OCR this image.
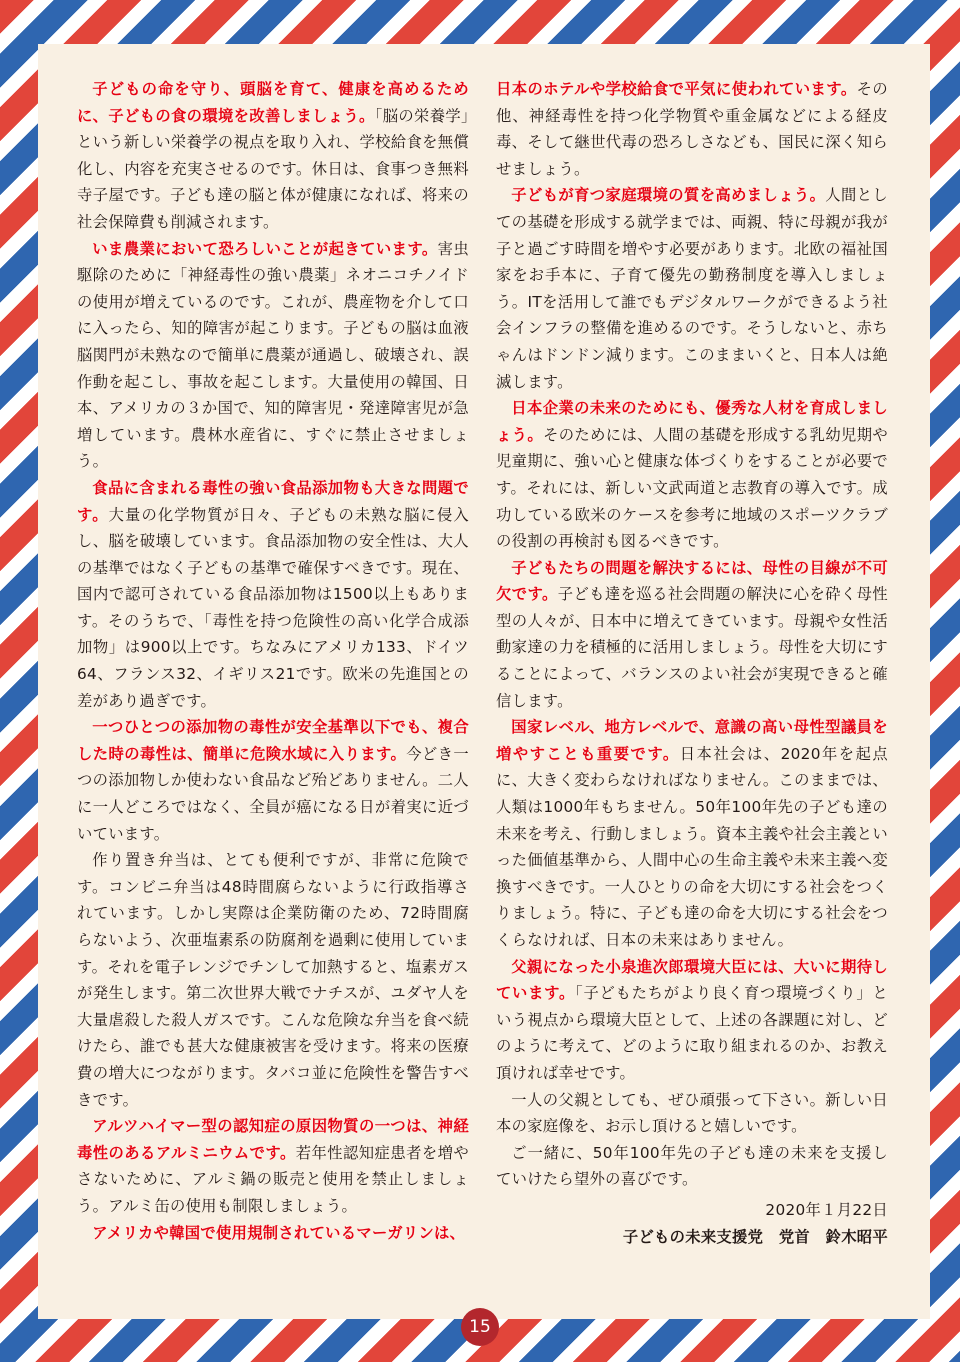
子どもの命を守り、頭脳を育て、健康を高めるために、子どもの食の環境を改善しましょう。「脳の栄養学」という新しい栄養学の視点を取り入れ、学校給食を無償化し、内容を充実させるのです。休日は、食事つき無料寺子屋です。子ども達の脳と体が健康になれば、将来の社会保障費も削減されます。

いま農業において恐ろしいことが起きています。害虫駆除のために「神経毒性の強い農薬」ネオニコチノイドの使用が増えているのです。これが、農産物を介して口に入ったら、知的障害が起こります。子どもの脳は血液脳関門が未熟なので簡単に農薬が通過し、破壊され、誤作動を起こし、事故を起こします。大量使用の韓国、日本、アメリカの３か国で、知的障害児・発達障害児が急増しています。農林水産省に、すぐに禁止させましょう。

食品に含まれる毒性の強い食品添加物も大きな問題です。大量の化学物質が日々、子どもの未熟な脳に侵入し、脳を破壊しています。食品添加物の安全性は、大人の基準ではなく子どもの基準で確保すべきです。現在、国内で認可されている食品添加物は1500以上もあります。そのうちで、「毒性を持つ危険性の高い化学合成添加物」は900以上です。ちなみにアメリカ133、ドイツ64、フランス32、イギリス21です。欧米の先進国との差があり過ぎです。

一つひとつの添加物の毒性が安全基準以下でも、複合した時の毒性は、簡単に危険水域に入ります。今どき一つの添加物しか使わない食品など殆どありません。二人に一人どころではなく、全員が癌になる日が着実に近づいています。

作り置き弁当は、とても便利ですが、非常に危険です。コンビニ弁当は48時間腐らないように行政指導されています。しかし実際は企業防衛のため、72時間腐らないよう、次亜塩素系の防腐剤を過剰に使用しています。それを電子レンジでチンして加熱すると、塩素ガスが発生します。第二次世界大戦でナチスが、ユダヤ人を大量虐殺した殺人ガスです。こんな危険な弁当を食べ続けたら、誰でも甚大な健康被害を受けます。将来の医療費の増大につながります。タバコ並に危険性を警告すべきです。

アルツハイマー型の認知症の原因物質の一つは、神経毒性のあるアルミニウムです。若年性認知症患者を増やさないために、アルミ鍋の販売と使用を禁止しましょう。アルミ缶の使用も制限しましょう。

アメリカや韓国で使用規制されているマーガリンは、

日本のホテルや学校給食で平気に使われています。その他、神経毒性を持つ化学物質や重金属などによる経皮毒、そして継世代毒の恐ろしさなども、国民に深く知らせましょう。

子どもが育つ家庭環境の質を高めましょう。人間としての基礎を形成する就学までは、両親、特に母親が我が子と過ごす時間を増やす必要があります。北欧の福祉国家をお手本に、子育て優先の勤務制度を導入しましょう。ITを活用して誰でもデジタルワークができるよう社会インフラの整備を進めるのです。そうしないと、赤ちゃんはドンドン減ります。このままいくと、日本人は絶滅します。

日本企業の未来のためにも、優秀な人材を育成しましょう。そのためには、人間の基礎を形成する乳幼児期や児童期に、強い心と健康な体づくりをすることが必要です。それには、新しい文武両道と志教育の導入です。成功している欧米のケースを参考に地域のスポーツクラブの役割の再検討も図るべきです。

子どもたちの問題を解決するには、母性の目線が不可欠です。子ども達を巡る社会問題の解決に心を砕く母性型の人々が、日本中に増えてきています。母親や女性活動家達の力を積極的に活用しましょう。母性を大切にすることによって、バランスのよい社会が実現できると確信します。

国家レベル、地方レベルで、意識の高い母性型議員を増やすことも重要です。日本社会は、2020年を起点に、大きく変わらなければなりません。このままでは、人類は1000年もちません。50年100年先の子ども達の未来を考え、行動しましょう。資本主義や社会主義といった価値基準から、人間中心の生命主義や未来主義へ変換すべきです。一人ひとりの命を大切にする社会をつくりましょう。特に、子ども達の命を大切にする社会をつくらなければ、日本の未来はありません。

父親になった小泉進次郎環境大臣には、大いに期待しています。「子どもたちがより良く育つ環境づくり」という視点から環境大臣として、上述の各課題に対し、どのように考えて、どのように取り組まれるのか、お教え頂ければ幸せです。

一人の父親としても、ぜひ頑張って下さい。新しい日本の家庭像を、お示し頂けると嬉しいです。

ご一緒に、50年100年先の子ども達の未来を支援していけたら望外の喜びです。

2020年１月22日

子どもの未来支援党　党首　鈴木昭平

15
